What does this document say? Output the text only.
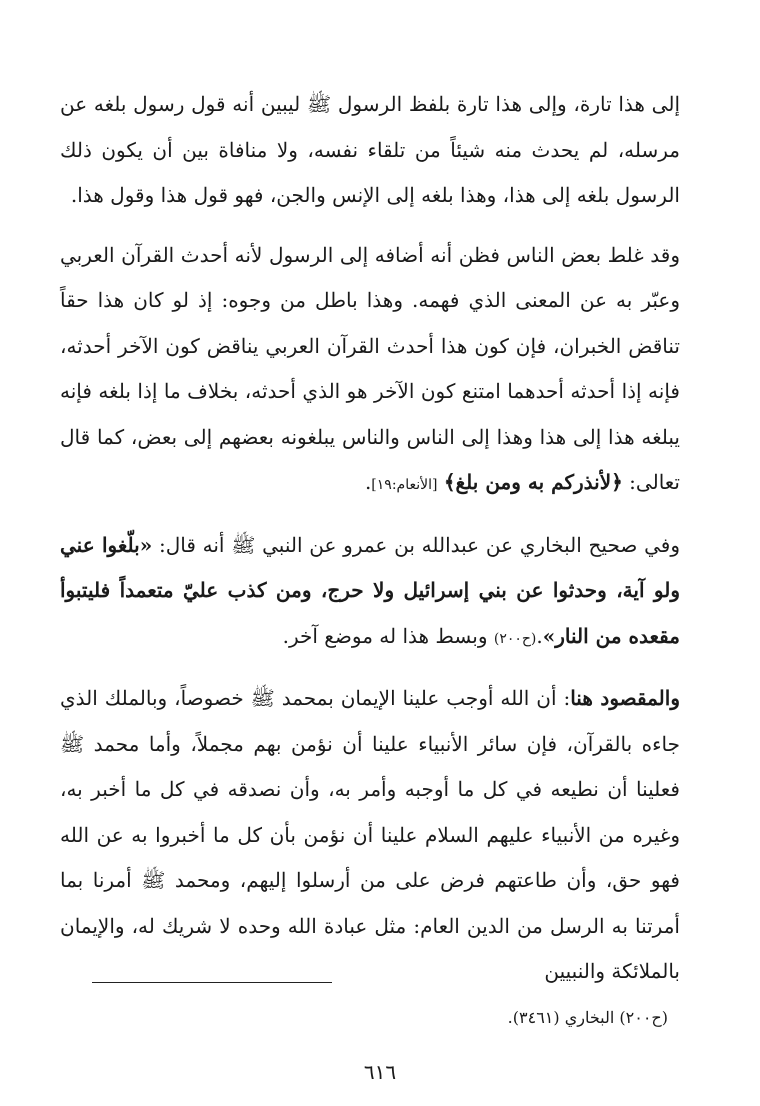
إلى هذا تارة، وإلى هذا تارة بلفظ الرسول ﷺ ليبين أنه قول رسول بلغه عن مرسله، لم يحدث منه شيئاً من تلقاء نفسه، ولا منافاة بين أن يكون ذلك الرسول بلغه إلى هذا، وهذا بلغه إلى الإنس والجن، فهو قول هذا وقول هذا.

وقد غلط بعض الناس فظن أنه أضافه إلى الرسول لأنه أحدث القرآن العربي وعبّر به عن المعنى الذي فهمه. وهذا باطل من وجوه: إذ لو كان هذا حقاً تناقض الخبران، فإن كون هذا أحدث القرآن العربي يناقض كون الآخر أحدثه، فإنه إذا أحدثه أحدهما امتنع كون الآخر هو الذي أحدثه، بخلاف ما إذا بلغه فإنه يبلغه هذا إلى هذا وهذا إلى الناس والناس يبلغونه بعضهم إلى بعض، كما قال تعالى: ﴿لأنذركم به ومن بلغ﴾ [الأنعام:١٩].

وفي صحيح البخاري عن عبدالله بن عمرو عن النبي ﷺ أنه قال: «بلّغوا عني ولو آية، وحدثوا عن بني إسرائيل ولا حرج، ومن كذب عليّ متعمداً فليتبوأ مقعده من النار».(ح٢٠٠) وبسط هذا له موضع آخر.

والمقصود هنا: أن الله أوجب علينا الإيمان بمحمد ﷺ خصوصاً، وبالملك الذي جاءه بالقرآن، فإن سائر الأنبياء علينا أن نؤمن بهم مجملاً، وأما محمد ﷺ فعلينا أن نطيعه في كل ما أوجبه وأمر به، وأن نصدقه في كل ما أخبر به، وغيره من الأنبياء عليهم السلام علينا أن نؤمن بأن كل ما أخبروا به عن الله فهو حق، وأن طاعتهم فرض على من أرسلوا إليهم، ومحمد ﷺ أمرنا بما أمرتنا به الرسل من الدين العام: مثل عبادة الله وحده لا شريك له، والإيمان بالملائكة والنبيين

(ح٢٠٠) البخاري (٣٤٦١).
٦١٦
